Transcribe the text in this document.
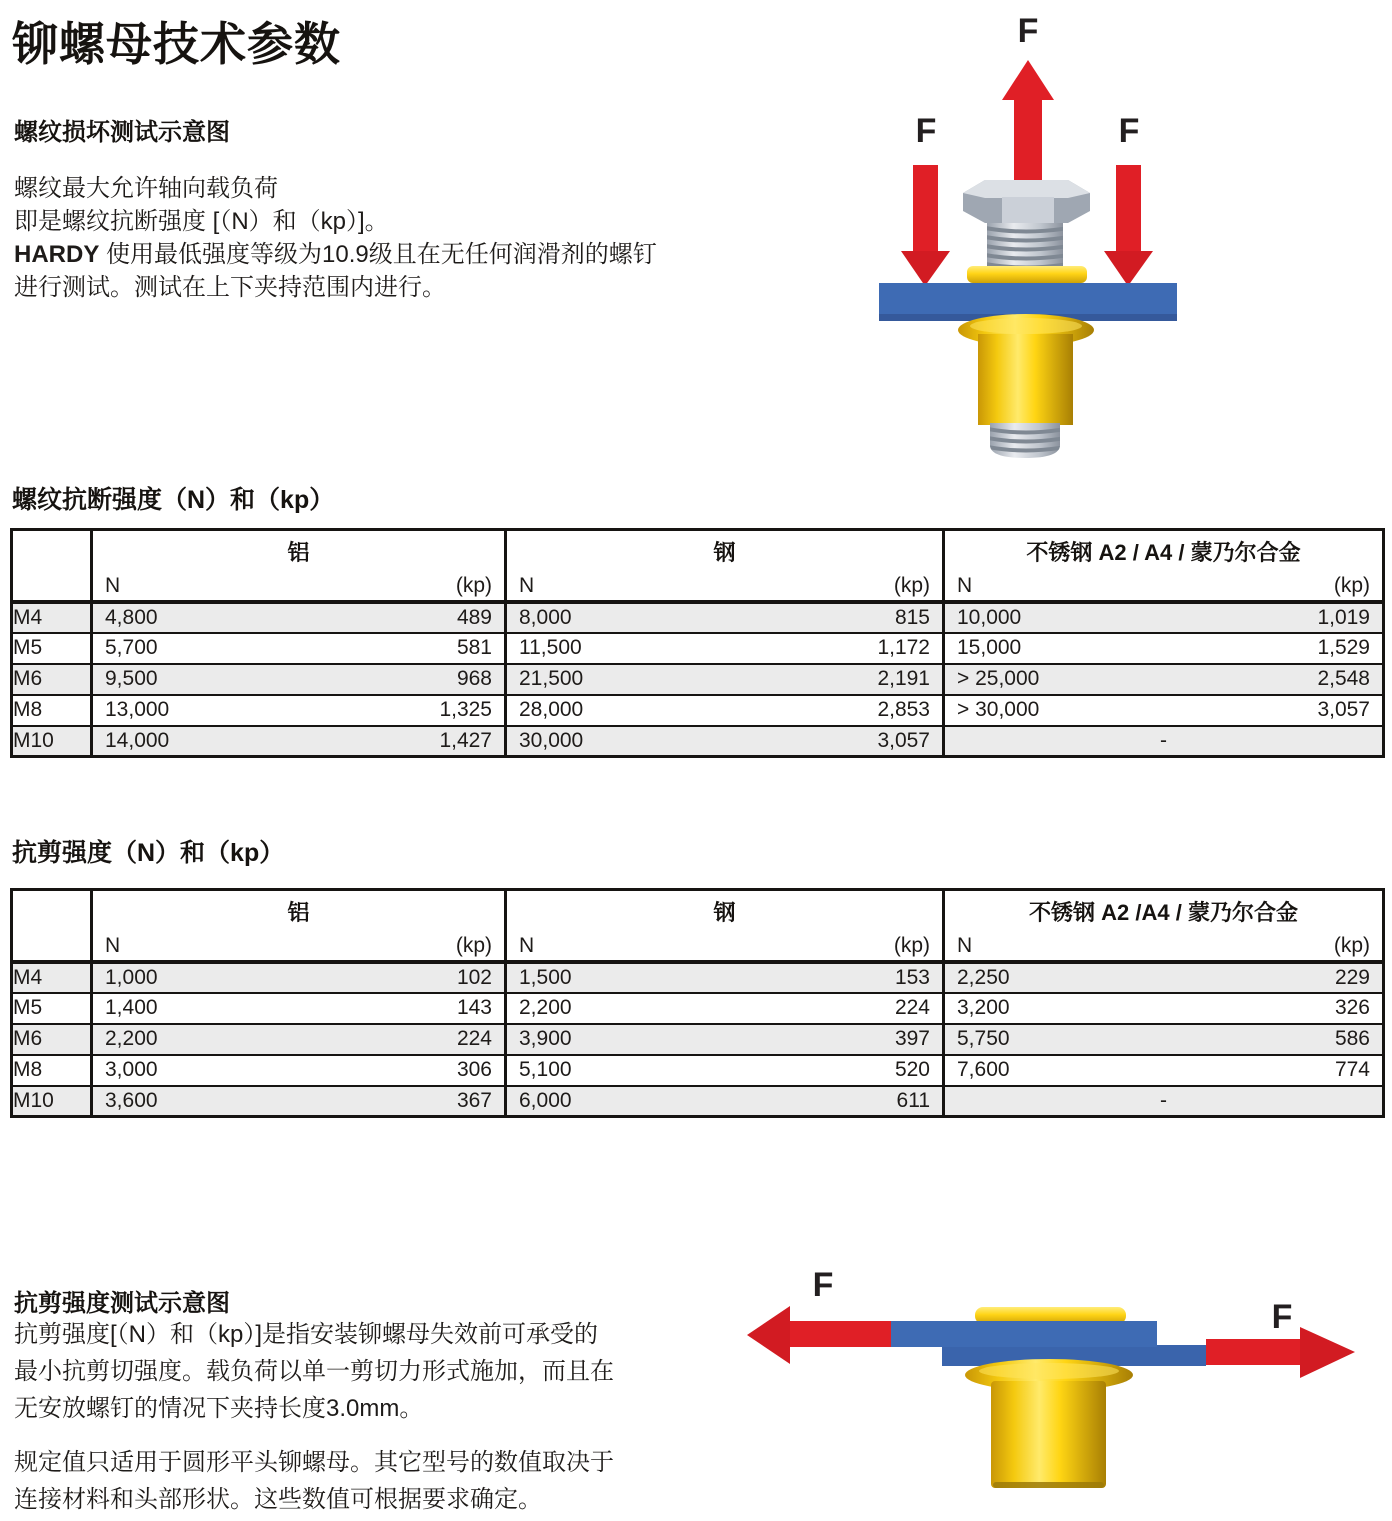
铆螺母技术参数
螺纹损坏测试示意图
螺纹最大允许轴向载负荷
即是螺纹抗断强度 [（N）和（kp）]。
HARDY 使用最低强度等级为10.9级且在无任何润滑剂的螺钉
进行测试。测试在上下夹持范围内进行。
螺纹抗断强度（N）和（kp）
	铝	钢	不锈钢 A2 / A4 / 蒙乃尔合金

	N (kp)	N (kp)	N (kp)

M4	4,800 489	8,000 815	10,000 1,019

M5	5,700 581	11,500 1,172	15,000 1,529

M6	9,500 968	21,500 2,191	> 25,000 2,548

M8	13,000 1,325	28,000 2,853	> 30,000 3,057

M10	14,000 1,427	30,000 3,057	-
抗剪强度（N）和（kp）
	铝	钢	不锈钢 A2 /A4 / 蒙乃尔合金

	N (kp)	N (kp)	N (kp)

M4	1,000 102	1,500 153	2,250 229

M5	1,400 143	2,200 224	3,200 326

M6	2,200 224	3,900 397	5,750 586

M8	3,000 306	5,100 520	7,600 774

M10	3,600 367	6,000 611	-
抗剪强度测试示意图
抗剪强度[（N）和（kp）]是指安装铆螺母失效前可承受的
最小抗剪切强度。载负荷以单一剪切力形式施加，而且在
无安放螺钉的情况下夹持长度3.0mm。
规定值只适用于圆形平头铆螺母。其它型号的数值取决于
连接材料和头部形状。这些数值可根据要求确定。
F
F	F
F
F
